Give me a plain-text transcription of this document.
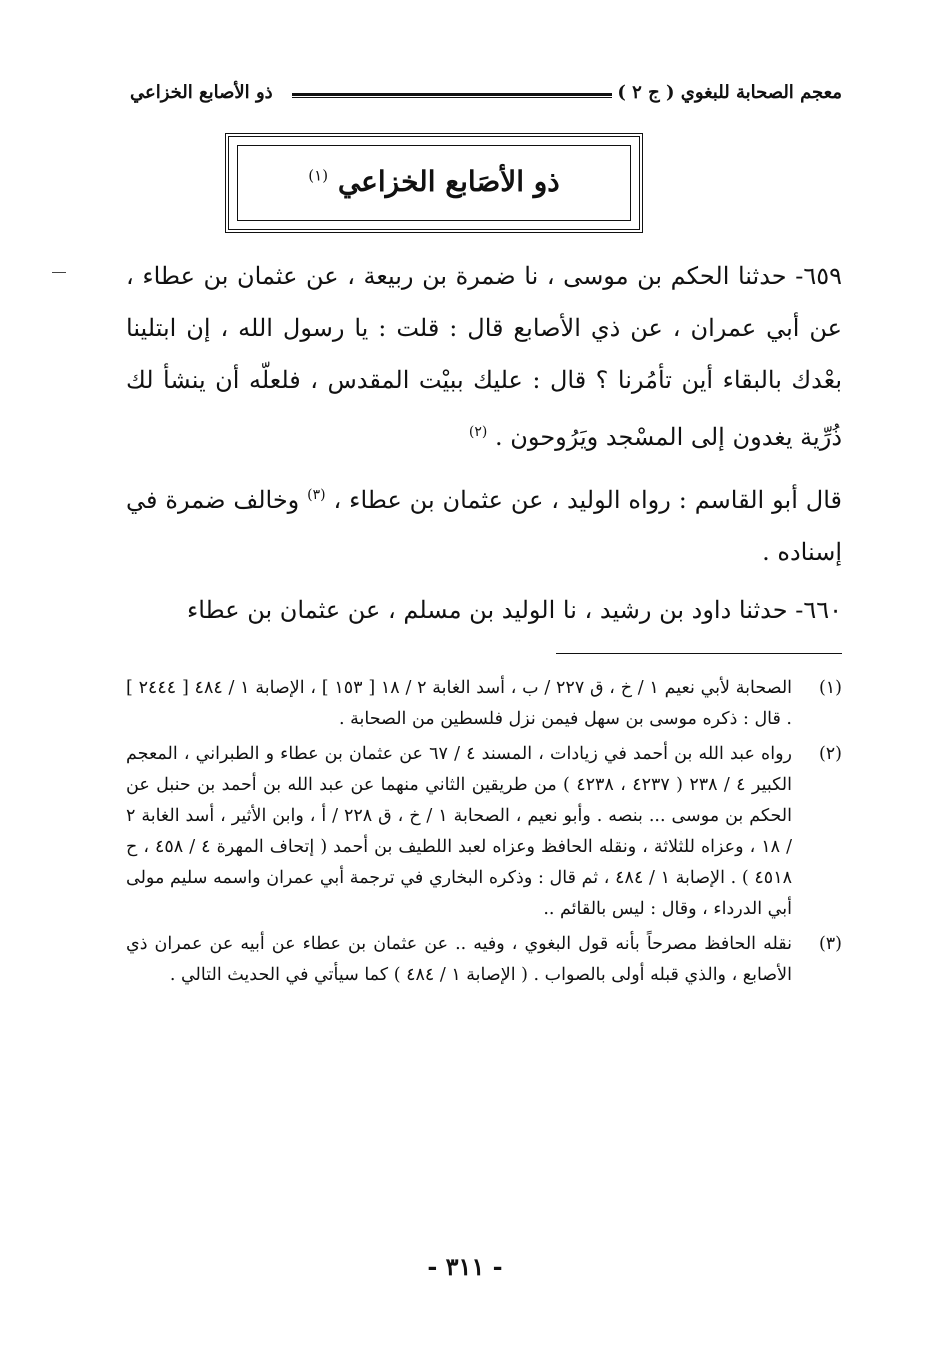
معجم الصحابة للبغوي ( ج ٢ )
ذو الأصابع الخزاعي
ذو الأصَابع الخزاعي $^{(١)}$

٦٥٩- حدثنا الحكم بن موسى ، نا ضمرة بن ربيعة ، عن عثمان بن عطاء ، عن أبي عمران ، عن ذي الأصابع قال : قلت : يا رسول الله ، إن ابتلينا بعْدك بالبقاء أين تأمُرنا ؟ قال : عليك ببيْت المقدس ، فلعلّه أن ينشأ لك ذُرِّية يغدون إلى المسْجد ويَرُوحون . $^{(٢)}$

قال أبو القاسم : رواه الوليد ، عن عثمان بن عطاء ، $^{(٣)}$ وخالف ضمرة في إسناده .

٦٦٠- حدثنا داود بن رشيد ، نا الوليد بن مسلم ، عن عثمان بن عطاء

(١)
الصحابة لأبي نعيم ١ / خ ، ق ٢٢٧ / ب ، أسد الغابة ٢ / ١٨ [ ١٥٣ ] ، الإصابة ١ / ٤٨٤ [ ٢٤٤٤ ] . قال : ذكره موسى بن سهل فيمن نزل فلسطين من الصحابة .
(٢)
رواه عبد الله بن أحمد في زيادات ، المسند ٤ / ٦٧ عن عثمان بن عطاء و الطبراني ، المعجم الكبير ٤ / ٢٣٨ ( ٤٢٣٧ ، ٤٢٣٨ ) من طريقين الثاني منهما عن عبد الله بن أحمد بن حنبل عن الحكم بن موسى ... بنصه . وأبو نعيم ، الصحابة ١ / خ ، ق ٢٢٨ / أ ، وابن الأثير ، أسد الغابة ٢ / ١٨ ، وعزاه للثلاثة ، ونقله الحافظ وعزاه لعبد اللطيف بن أحمد ( إتحاف المهرة ٤ / ٤٥٨ ، ح ٤٥١٨ ) . الإصابة ١ / ٤٨٤ ، ثم قال : وذكره البخاري في ترجمة أبي عمران واسمه سليم مولى أبي الدرداء ، وقال : ليس بالقائم ..
(٣)
نقله الحافظ مصرحاً بأنه قول البغوي ، وفيه .. عن عثمان بن عطاء عن أبيه عن عمران ذي الأصابع ، والذي قبله أولى بالصواب . ( الإصابة ١ / ٤٨٤ ) كما سيأتي في الحديث التالي .
- ٣١١ -
